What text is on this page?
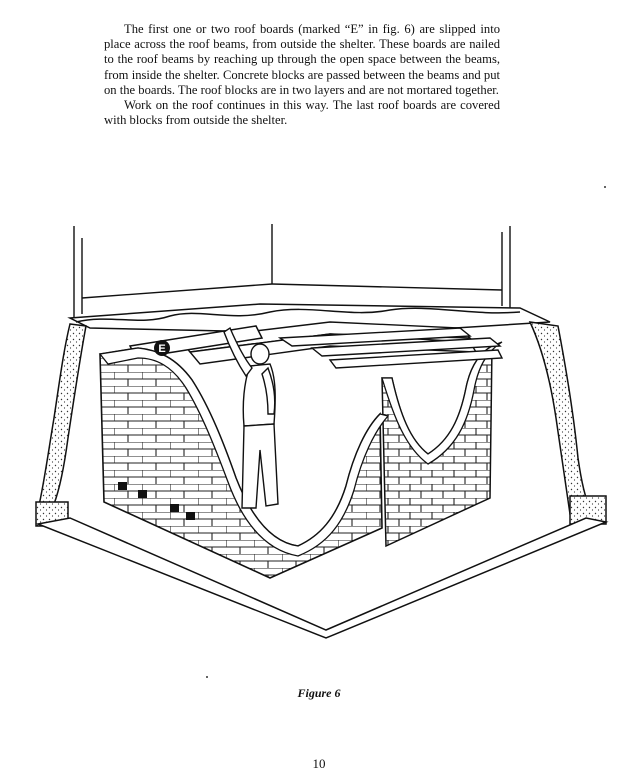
The first one or two roof boards (marked “E” in fig. 6) are slipped into place across the roof beams, from outside the shelter. These boards are nailed to the roof beams by reaching up through the open space between the beams, from inside the shelter. Concrete blocks are passed between the beams and put on the boards. The roof blocks are in two layers and are not mortared together.

Work on the roof continues in this way. The last roof boards are covered with blocks from outside the shelter.

E
Figure 6
10
